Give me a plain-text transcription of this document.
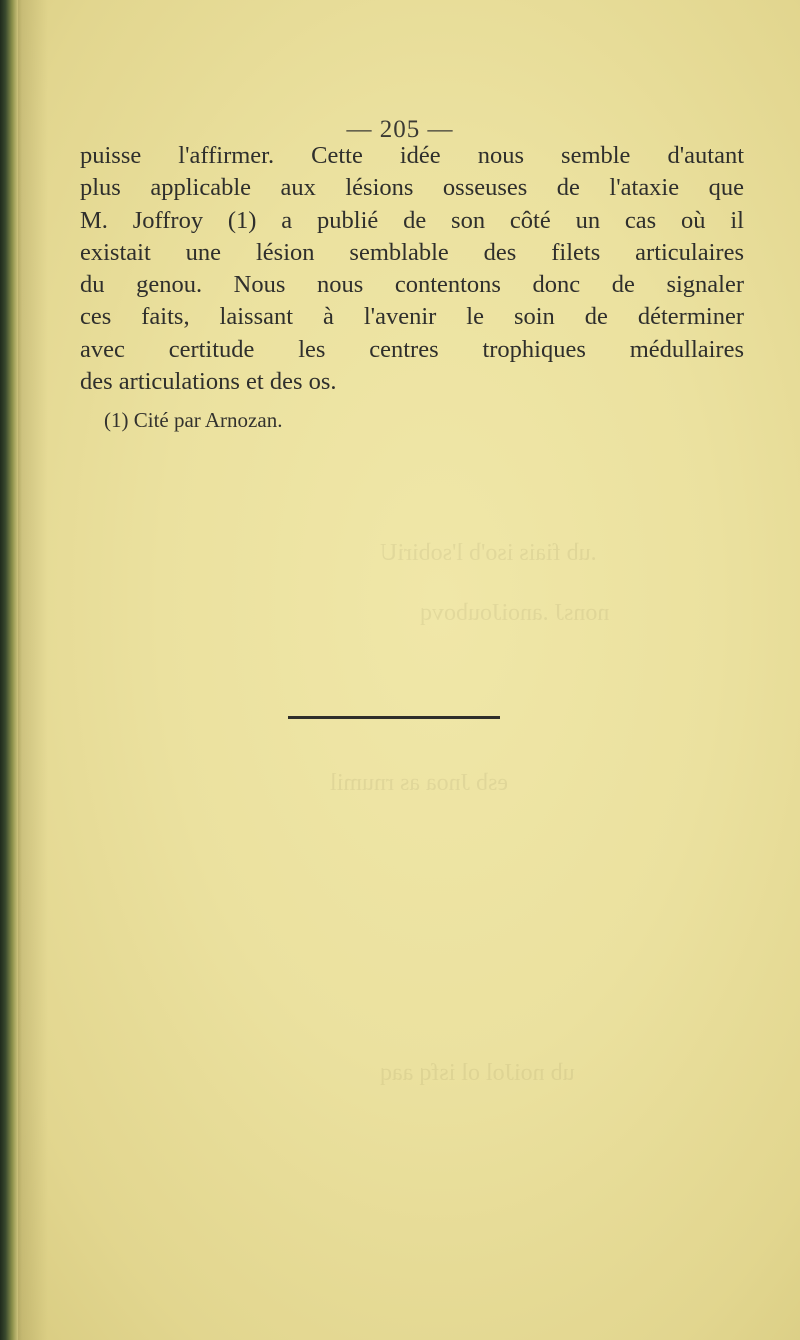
.ub fiais iso'b l'sobiriU
nonsJ .anoiJoubovq
esb Jnoa as rnumil
ub noiJol ol isfq aaq
— 205 —
puisse l'affirmer. Cette idée nous semble d'autant
plus applicable aux lésions osseuses de l'ataxie que
M. Joffroy (1) a publié de son côté un cas où il
existait une lésion semblable des filets articulaires
du genou. Nous nous contentons donc de signaler
ces faits, laissant à l'avenir le soin de déterminer
avec certitude les centres trophiques médullaires
des articulations et des os.
(1) Cité par Arnozan.
